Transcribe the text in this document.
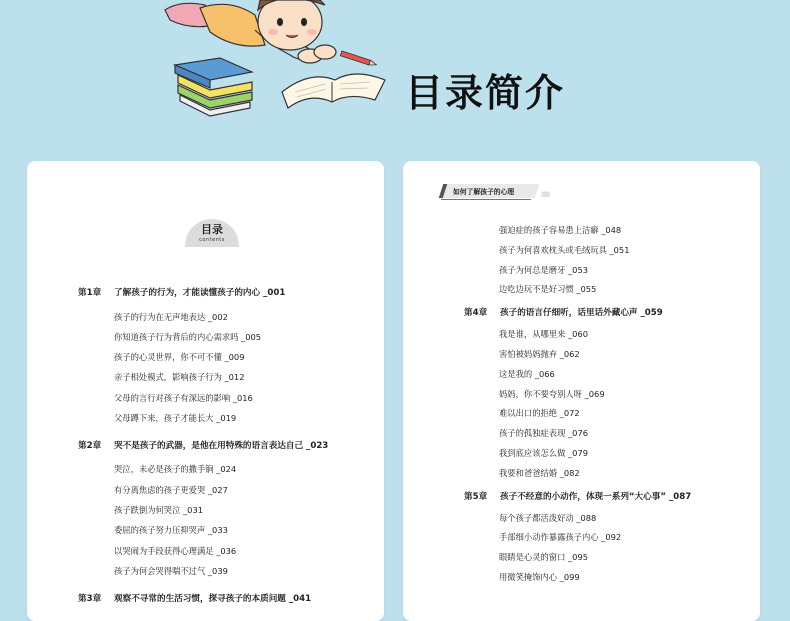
目录简介
目录
contents
第1章 了解孩子的行为，才能读懂孩子的内心 _001
孩子的行为在无声地表达 _002
你知道孩子行为背后的内心需求吗 _005
孩子的心灵世界，你不可不懂 _009
亲子相处模式，影响孩子行为 _012
父母的言行对孩子有深远的影响 _016
父母蹲下来，孩子才能长大 _019
第2章 哭不是孩子的武器，是他在用特殊的语言表达自己 _023
哭泣，未必是孩子的撒手锏 _024
有分离焦虑的孩子更爱哭 _027
孩子跌倒为何哭泣 _031
委屈的孩子努力压抑哭声 _033
以哭闹为手段获得心理满足 _036
孩子为何会哭得喘不过气 _039
第3章 观察不寻常的生活习惯，探寻孩子的本质问题 _041
如何了解孩子的心理	》》》》
强迫症的孩子容易患上洁癖 _048
孩子为何喜欢枕头或毛绒玩具 _051
孩子为何总是磨牙 _053
边吃边玩不是好习惯 _055
第4章 孩子的语言仔细听，话里话外藏心声 _059
我是谁，从哪里来 _060
害怕被妈妈抛弃 _062
这是我的 _066
妈妈，你不要夸别人呀 _069
难以出口的拒绝 _072
孩子的孤独症表现 _076
我到底应该怎么做 _079
我要和爸爸结婚 _082
第5章 孩子不经意的小动作，体现一系列“大心事” _087
每个孩子都活泼好动 _088
手部细小动作暴露孩子内心 _092
眼睛是心灵的窗口 _095
用微笑掩饰内心 _099
